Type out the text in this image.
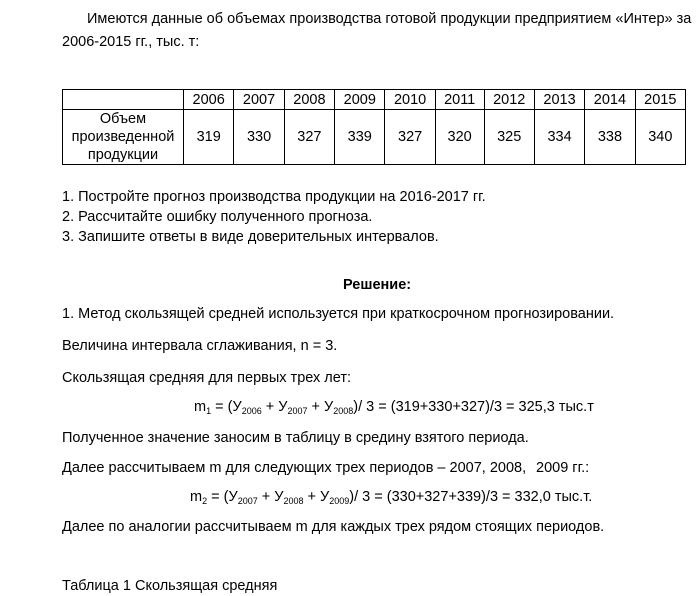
Имеются данные об объемах производства готовой продукции предприятием «Интер» за
2006-2015 гг., тыс. т:
	2006	2007	2008	2009	2010	2011	2012	2013	2014	2015
Объем произведенной продукции	319	330	327	339	327	320	325	334	338	340
1. Постройте прогноз производства продукции на 2016-2017 гг.
2. Рассчитайте ошибку полученного прогноза.
3. Запишите ответы в виде доверительных интервалов.
Решение:
1. Метод скользящей средней используется при краткосрочном прогнозировании.
Величина интервала сглаживания, n = 3.
Скользящая средняя для первых трех лет:
$m_1 = (У_{2006} + У_{2007} + У_{2008})/$ 3 = (319+330+327)/3 = 325,3 тыс.т
Полученное значение заносим в таблицу в средину взятого периода.
Далее рассчитываем m для следующих трех периодов – 2007, 2008, 2009 гг.:
$m_2 = (У_{2007} + У_{2008} + У_{2009})/$ 3 = (330+327+339)/3 = 332,0 тыс.т.
Далее по аналогии рассчитываем m для каждых трех рядом стоящих периодов.
Таблица 1 Скользящая средняя
